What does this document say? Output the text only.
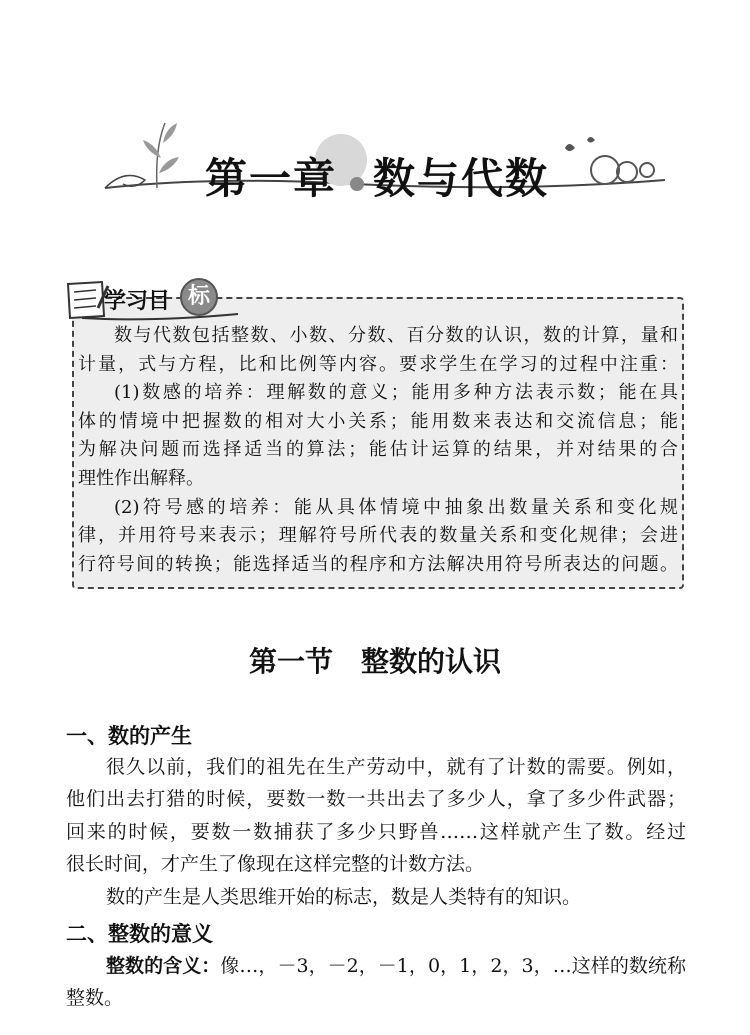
第一章 数与代数
学习目 标

数与代数包括整数、小数、分数、百分数的认识，数的计算，量和

计量，式与方程，比和比例等内容。要求学生在学习的过程中注重：

(1)数感的培养：理解数的意义；能用多种方法表示数；能在具

体的情境中把握数的相对大小关系；能用数来表达和交流信息；能

为解决问题而选择适当的算法；能估计运算的结果，并对结果的合

理性作出解释。

(2)符号感的培养：能从具体情境中抽象出数量关系和变化规

律，并用符号来表示；理解符号所代表的数量关系和变化规律；会进

行符号间的转换；能选择适当的程序和方法解决用符号所表达的问题。

第一节　整数的认识
一、数的产生

很久以前，我们的祖先在生产劳动中，就有了计数的需要。例如，

他们出去打猎的时候，要数一数一共出去了多少人，拿了多少件武器；

回来的时候，要数一数捕获了多少只野兽……这样就产生了数。经过

很长时间，才产生了像现在这样完整的计数方法。

数的产生是人类思维开始的标志，数是人类特有的知识。

二、整数的意义

整数的含义：像…，－3，－2，－1，0，1，2，3，…这样的数统称整数。
